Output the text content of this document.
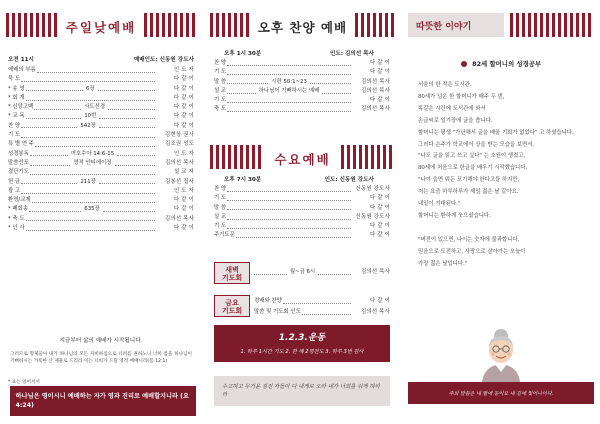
주일낮예배
오전 11시	예배인도: 신동원 강도사
예배의 부름	인 도 자
묵 도	다 같 이
* 송 영	6장	다 같 이
* 회 개	다 같 이
* 신앙고백	사도신경	다 같 이
* 교 독	10번	다 같 이
찬 양	542장	다 같 이
기 도	김현상 권사
특 별 연 주	김조권 성도
성경봉독	여호수아 14:6-15	인 도 자
말씀선포	영적 안티에이징	김의선 목사
결단기도	설 교 자
헌 금	211장	김봉선 집사
광 고	인 도 자
환영/교제	다 같 이
* 폐회송	635장	다 같 이
* 축 도	김의선 목사
* 인 사	다 같 이
지금부터 삶의 예배가 시작됩니다.
그러므로 형제들아 내가 하나님의 모든 자비하심으로 너희를 권하노니 너희 몸을 하나님이 기뻐하시는 거룩한 산 제물로 드리라 이는 너희가 드릴 영적 예배니라(롬 12:1)
* 표는 일어서서
하나님은 영이시니 예배하는 자가 영과 진리로 예배할지니라 (요4:24)
오후 찬양 예배
오후 1시 30분	인도: 김의선 목사
찬 양	다 같 이
기 도	다 같 이
말 씀	시편 50:1~23	김의선 목사
설 교	하나님이 기뻐하시는 예배	김의선 목사
기 도	다 같 이
축 도	김의선 목사
수요예배
오후 7시 30분	인도: 신동원 강도사
찬 양	신동원 강도사
기 도	다 같 이
말 씀	다 같 이
설 교	신동원 강도사
기 도	다 같 이
주기도문	다 같 이
새벽
기도회
월~금 6시	김의선 목사
금요
기도회
경배와 찬양	다 같 이
말씀 및 기도회 인도	김의선 목사
1.2.3.운동
1. 하루 1시간 기도 2. 한 해 2명전도 3. 하루 3번 감사
수고하고 무거운 짐진 자들아 다 내게로 오라 내가 너희를 쉬게 하리라
따뜻한 이야기
82세 할머니의 성경공부

서울의 한 작은 도서관.

80세가 넘은 한 할머니가 매주 두 번,

똑같은 시간에 도서관에 와서

손글씨로 일기장에 글을 씁니다.

할머니는 평생 "가난해서 글을 배울 기회가 없었다" 고 하셨습니다.

그러다 손주가 학교에서 상을 받는 모습을 보면서,

"나도 글을 읽고 쓰고 싶다" 는 소원이 생겼고,

80세에 처음으로 한글을 배우기 시작했습니다.

"나이 들면 뭐든 포기해야 한다고들 하지만,

저는 요즘 하루하루가 제일 젊은 날 같아요.

내일이 기대된다."

할머니는 환하게 웃으셨습니다.

"버전이 있으면, 나이는 숫자에 불과합니다.

믿음으로 도전하고, 사랑으로 살아가는 오늘이

가장 젊은 날입니다."

주의 말씀은 내 발에 등이요 내 길에 빛이니이다.
